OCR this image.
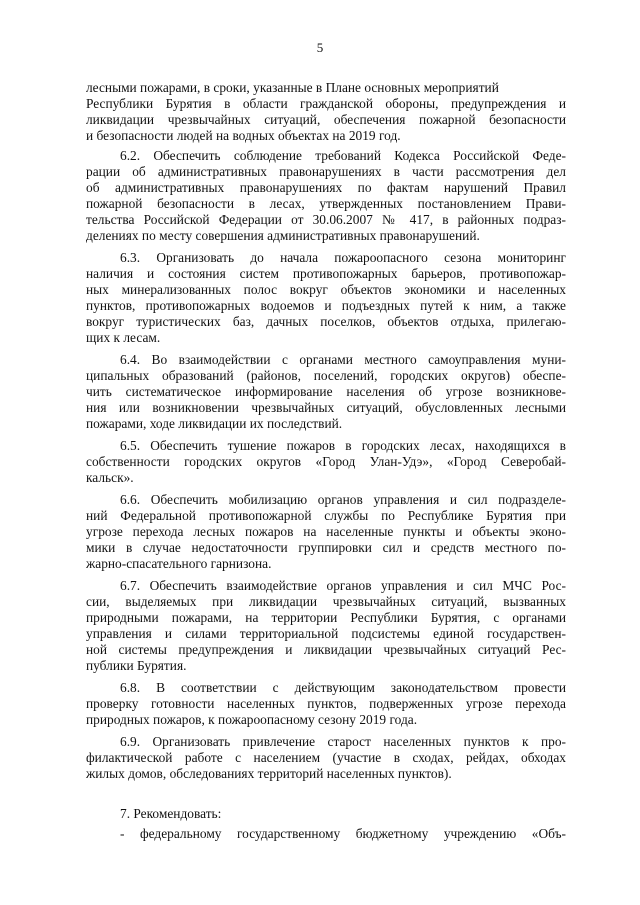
5
лесными пожарами, в сроки, указанные в Плане основных мероприятий
Республики Бурятия в области гражданской обороны, предупреждения и
ликвидации чрезвычайных ситуаций, обеспечения пожарной безопасности
и безопасности людей на водных объектах на 2019 год.
6.2. Обеспечить соблюдение требований Кодекса Российской Феде-
рации об административных правонарушениях в части рассмотрения дел
об административных правонарушениях по фактам нарушений Правил
пожарной безопасности в лесах, утвержденных постановлением Прави-
тельства Российской Федерации от 30.06.2007 № 417, в районных подраз-
делениях по месту совершения административных правонарушений.
6.3. Организовать до начала пожароопасного сезона мониторинг
наличия и состояния систем противопожарных барьеров, противопожар-
ных минерализованных полос вокруг объектов экономики и населенных
пунктов, противопожарных водоемов и подъездных путей к ним, а также
вокруг туристических баз, дачных поселков, объектов отдыха, прилегаю-
щих к лесам.
6.4. Во взаимодействии с органами местного самоуправления муни-
ципальных образований (районов, поселений, городских округов) обеспе-
чить систематическое информирование населения об угрозе возникнове-
ния или возникновении чрезвычайных ситуаций, обусловленных лесными
пожарами, ходе ликвидации их последствий.
6.5. Обеспечить тушение пожаров в городских лесах, находящихся в
собственности городских округов «Город Улан-Удэ», «Город Северобай-
кальск».
6.6. Обеспечить мобилизацию органов управления и сил подразделе-
ний Федеральной противопожарной службы по Республике Бурятия при
угрозе перехода лесных пожаров на населенные пункты и объекты эконо-
мики в случае недостаточности группировки сил и средств местного по-
жарно-спасательного гарнизона.
6.7. Обеспечить взаимодействие органов управления и сил МЧС Рос-
сии, выделяемых при ликвидации чрезвычайных ситуаций, вызванных
природными пожарами, на территории Республики Бурятия, с органами
управления и силами территориальной подсистемы единой государствен-
ной системы предупреждения и ликвидации чрезвычайных ситуаций Рес-
публики Бурятия.
6.8. В соответствии с действующим законодательством провести
проверку готовности населенных пунктов, подверженных угрозе перехода
природных пожаров, к пожароопасному сезону 2019 года.
6.9. Организовать привлечение старост населенных пунктов к про-
филактической работе с населением (участие в сходах, рейдах, обходах
жилых домов, обследованиях территорий населенных пунктов).
7. Рекомендовать:
- федеральному государственному бюджетному учреждению «Объ-
